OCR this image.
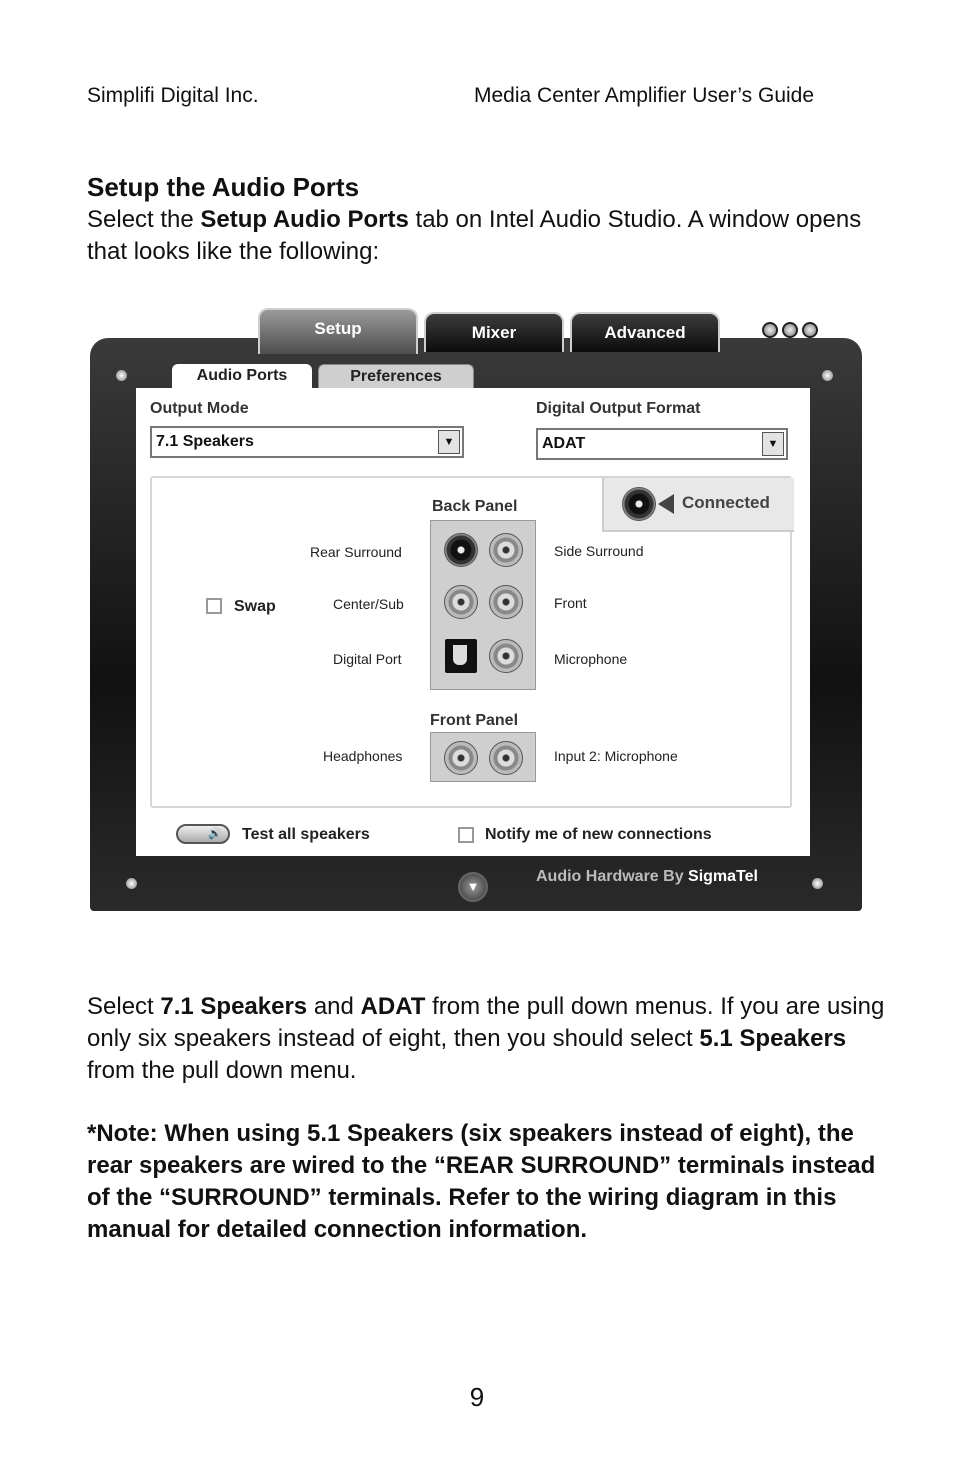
Simplifi Digital Inc.	Media Center Amplifier User’s Guide
Setup the Audio Ports
Select the Setup Audio Ports tab on Intel Audio Studio. A window opens that looks like the following:
Setup	Mixer	Advanced
Audio Ports	Preferences
Output Mode
7.1 Speakers	▼
Digital Output Format
ADAT	▼
Connected
Back Panel
Front Panel
Rear Surround
Center/Sub
Digital Port
Headphones
Side Surround
Front
Microphone
Input 2: Microphone
Swap
🔊	Test all speakers	Notify me of new connections
▼
Audio Hardware By SigmaTel
Select 7.1 Speakers and ADAT from the pull down menus. If you are using only six speakers instead of eight, then you should select 5.1 Speakers from the pull down menu.
*Note: When using 5.1 Speakers (six speakers instead of eight), the rear speakers are wired to the “REAR SURROUND” terminals instead of the “SURROUND” terminals. Refer to the wiring diagram in this manual for detailed connection information.
9
